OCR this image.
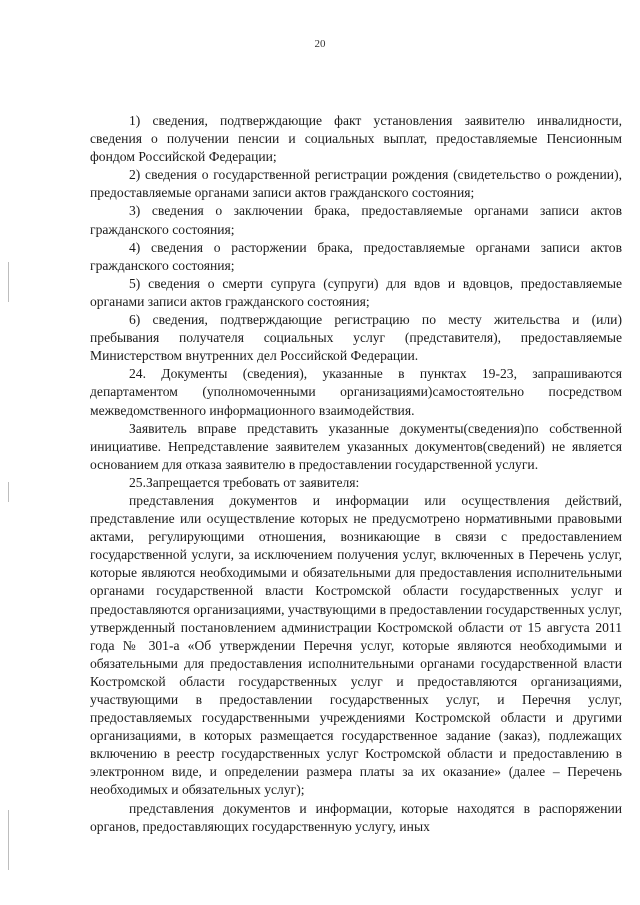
20

1) сведения, подтверждающие факт установления заявителю инвалидности, сведения о получении пенсии и социальных выплат, предоставляемые Пенсионным фондом Российской Федерации;

2) сведения о государственной регистрации рождения (свидетельство о рождении), предоставляемые органами записи актов гражданского состояния;

3) сведения о заключении брака, предоставляемые органами записи актов гражданского состояния;

4) сведения о расторжении брака, предоставляемые органами записи актов гражданского состояния;

5) сведения о смерти супруга (супруги) для вдов и вдовцов, предоставляемые органами записи актов гражданского состояния;

6) сведения, подтверждающие регистрацию по месту жительства и (или) пребывания получателя социальных услуг (представителя), предоставляемые Министерством внутренних дел Российской Федерации.

24. Документы (сведения), указанные в пунктах 19-23, запрашиваются департаментом (уполномоченными организациями)самостоятельно посредством межведомственного информационного взаимодействия.

Заявитель вправе представить указанные документы(сведения)по собственной инициативе. Непредставление заявителем указанных документов(сведений) не является основанием для отказа заявителю в предоставлении государственной услуги.

25.Запрещается требовать от заявителя:

представления документов и информации или осуществления действий, представление или осуществление которых не предусмотрено нормативными правовыми актами, регулирующими отношения, возникающие в связи с предоставлением государственной услуги, за исключением получения услуг, включенных в Перечень услуг, которые являются необходимыми и обязательными для предоставления исполнительными органами государственной власти Костромской области государственных услуг и предоставляются организациями, участвующими в предоставлении государственных услуг, утвержденный постановлением администрации Костромской области от 15 августа 2011 года № 301-а «Об утверждении Перечня услуг, которые являются необходимыми и обязательными для предоставления исполнительными органами государственной власти Костромской области государственных услуг и предоставляются организациями, участвующими в предоставлении государственных услуг, и Перечня услуг, предоставляемых государственными учреждениями Костромской области и другими организациями, в которых размещается государственное задание (заказ), подлежащих включению в реестр государственных услуг Костромской области и предоставлению в электронном виде, и определении размера платы за их оказание» (далее – Перечень необходимых и обязательных услуг);

представления документов и информации, которые находятся в распоряжении органов, предоставляющих государственную услугу, иных
